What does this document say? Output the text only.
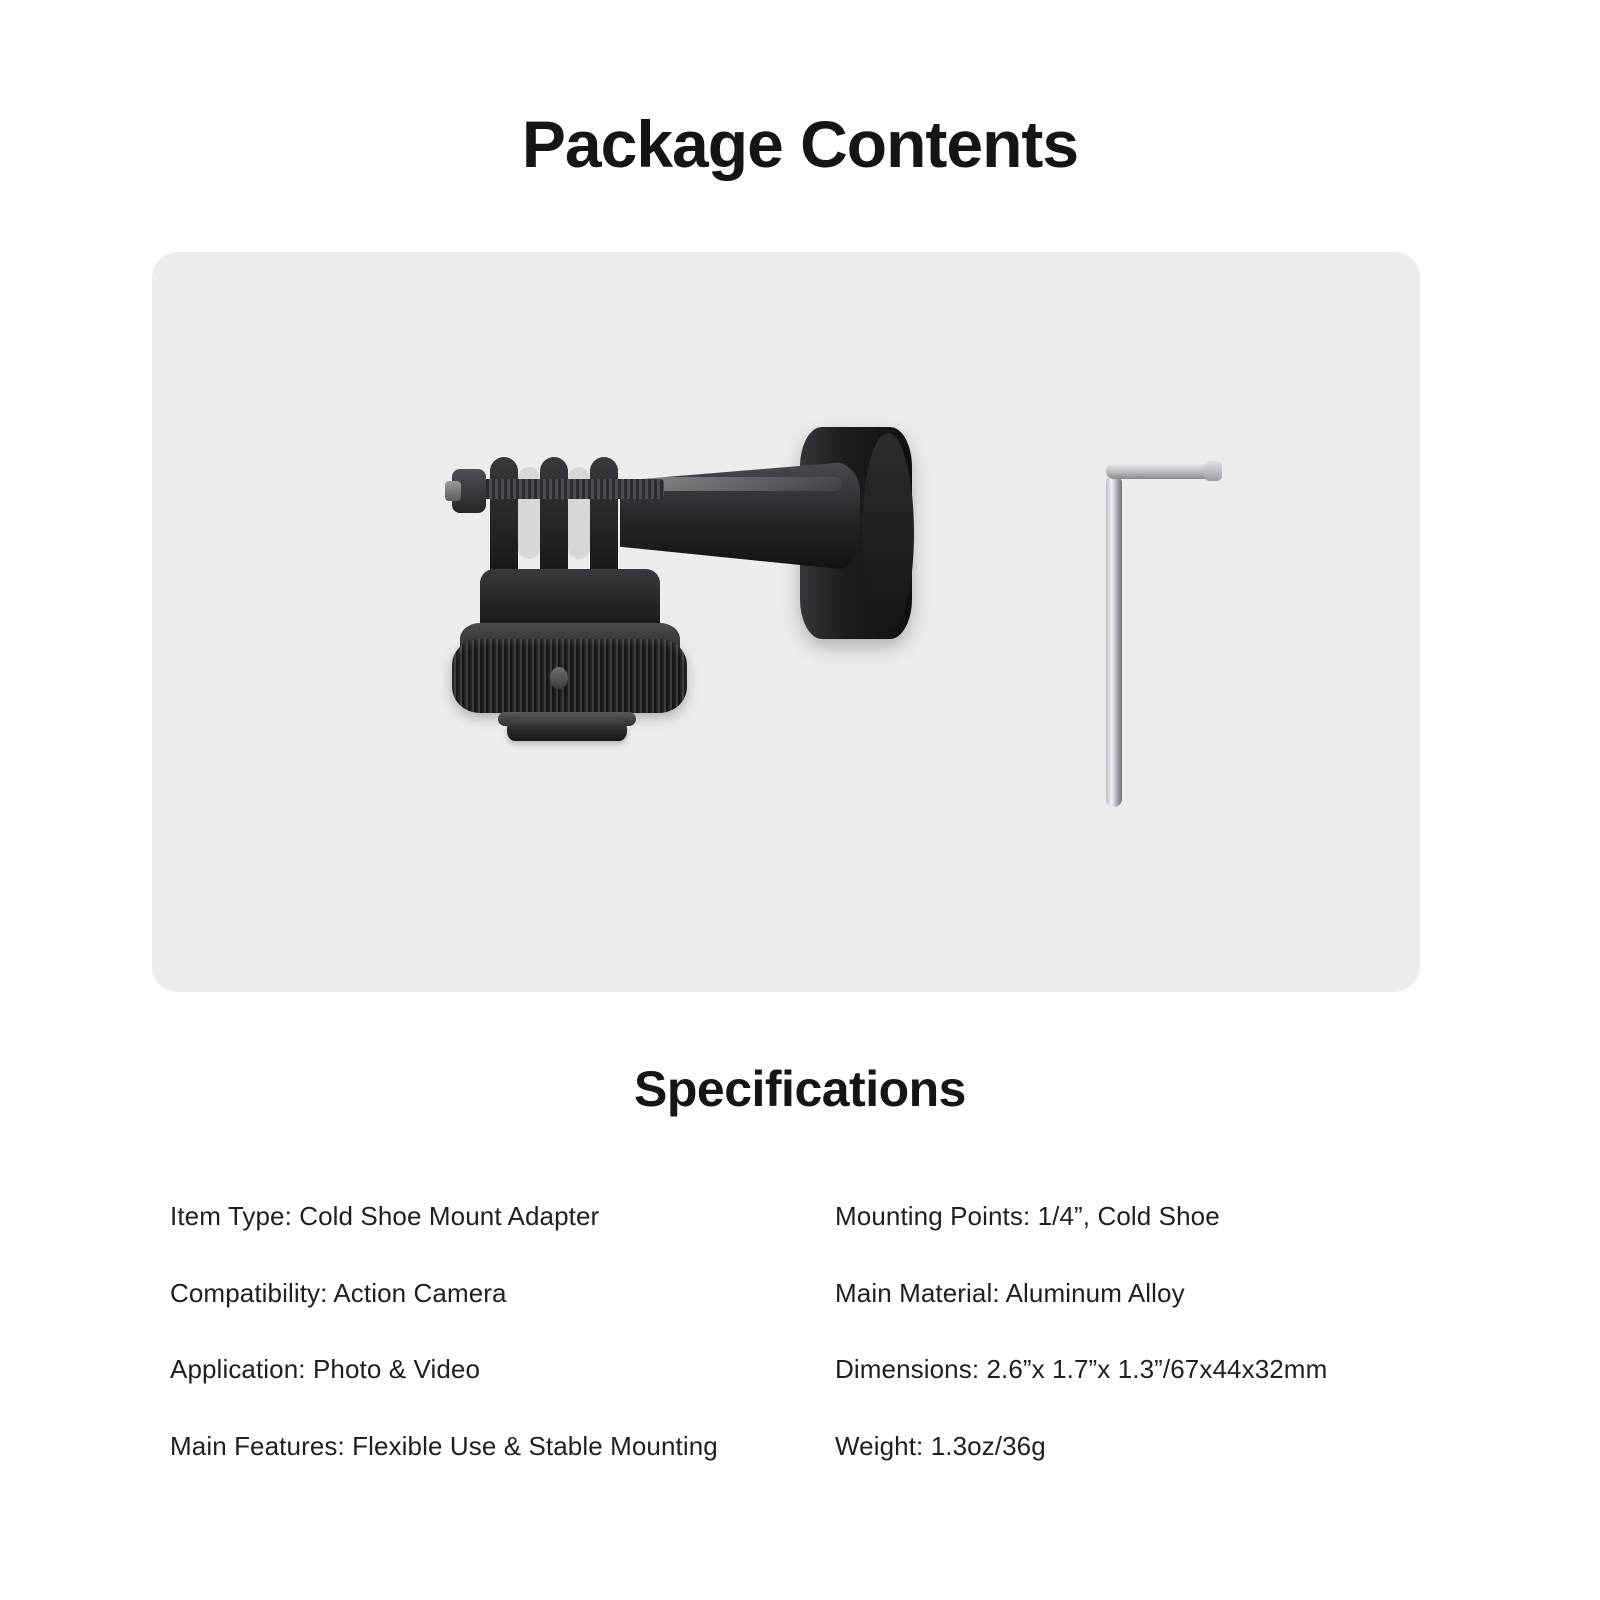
Package Contents
Specifications
Item Type: Cold Shoe Mount Adapter
Compatibility: Action Camera
Application: Photo & Video
Main Features: Flexible Use & Stable Mounting
Mounting Points: 1/4”, Cold Shoe
Main Material: Aluminum Alloy
Dimensions: 2.6”x 1.7”x 1.3”/67x44x32mm
Weight: 1.3oz/36g
